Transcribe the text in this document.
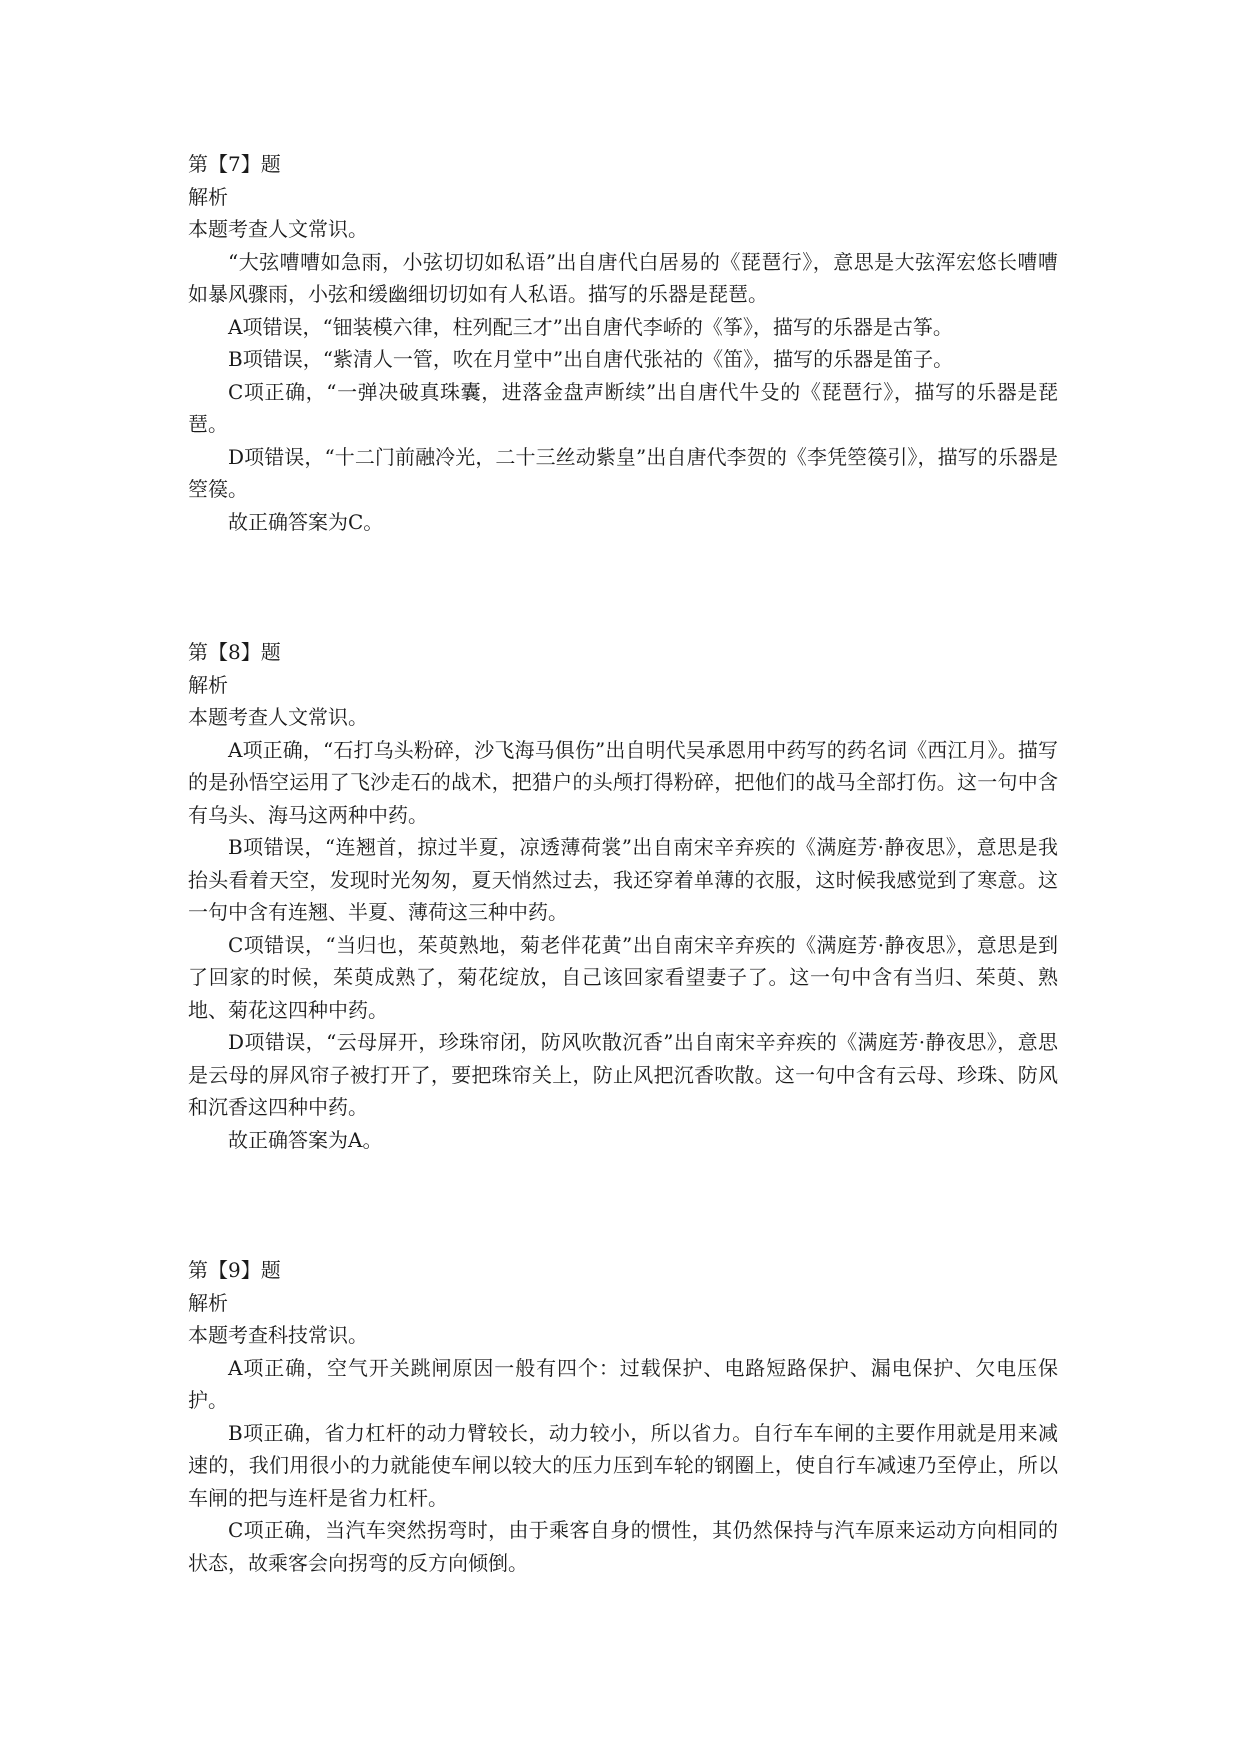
第【7】题

解析

本题考查人文常识。

“大弦嘈嘈如急雨，小弦切切如私语”出自唐代白居易的《琵琶行》，意思是大弦浑宏悠长嘈嘈如暴风骤雨，小弦和缓幽细切切如有人私语。描写的乐器是琵琶。

A项错误，“钿装模六律，柱列配三才”出自唐代李峤的《筝》，描写的乐器是古筝。

B项错误，“紫清人一管，吹在月堂中”出自唐代张祜的《笛》，描写的乐器是笛子。

C项正确，“一弹决破真珠囊，进落金盘声断续”出自唐代牛殳的《琵琶行》，描写的乐器是琵琶。

D项错误，“十二门前融冷光，二十三丝动紫皇”出自唐代李贺的《李凭箜篌引》，描写的乐器是箜篌。

故正确答案为C。

第【8】题

解析

本题考查人文常识。

A项正确，“石打乌头粉碎，沙飞海马俱伤”出自明代吴承恩用中药写的药名词《西江月》。描写的是孙悟空运用了飞沙走石的战术，把猎户的头颅打得粉碎，把他们的战马全部打伤。这一句中含有乌头、海马这两种中药。

B项错误，“连翘首，掠过半夏，凉透薄荷裳”出自南宋辛弃疾的《满庭芳·静夜思》，意思是我抬头看着天空，发现时光匆匆，夏天悄然过去，我还穿着单薄的衣服，这时候我感觉到了寒意。这一句中含有连翘、半夏、薄荷这三种中药。

C项错误，“当归也，茱萸熟地，菊老伴花黄”出自南宋辛弃疾的《满庭芳·静夜思》，意思是到了回家的时候，茱萸成熟了，菊花绽放，自己该回家看望妻子了。这一句中含有当归、茱萸、熟地、菊花这四种中药。

D项错误，“云母屏开，珍珠帘闭，防风吹散沉香”出自南宋辛弃疾的《满庭芳·静夜思》，意思是云母的屏风帘子被打开了，要把珠帘关上，防止风把沉香吹散。这一句中含有云母、珍珠、防风和沉香这四种中药。

故正确答案为A。

第【9】题

解析

本题考查科技常识。

A项正确，空气开关跳闸原因一般有四个：过载保护、电路短路保护、漏电保护、欠电压保护。

B项正确，省力杠杆的动力臂较长，动力较小，所以省力。自行车车闸的主要作用就是用来减速的，我们用很小的力就能使车闸以较大的压力压到车轮的钢圈上，使自行车减速乃至停止，所以车闸的把与连杆是省力杠杆。

C项正确，当汽车突然拐弯时，由于乘客自身的惯性，其仍然保持与汽车原来运动方向相同的状态，故乘客会向拐弯的反方向倾倒。
